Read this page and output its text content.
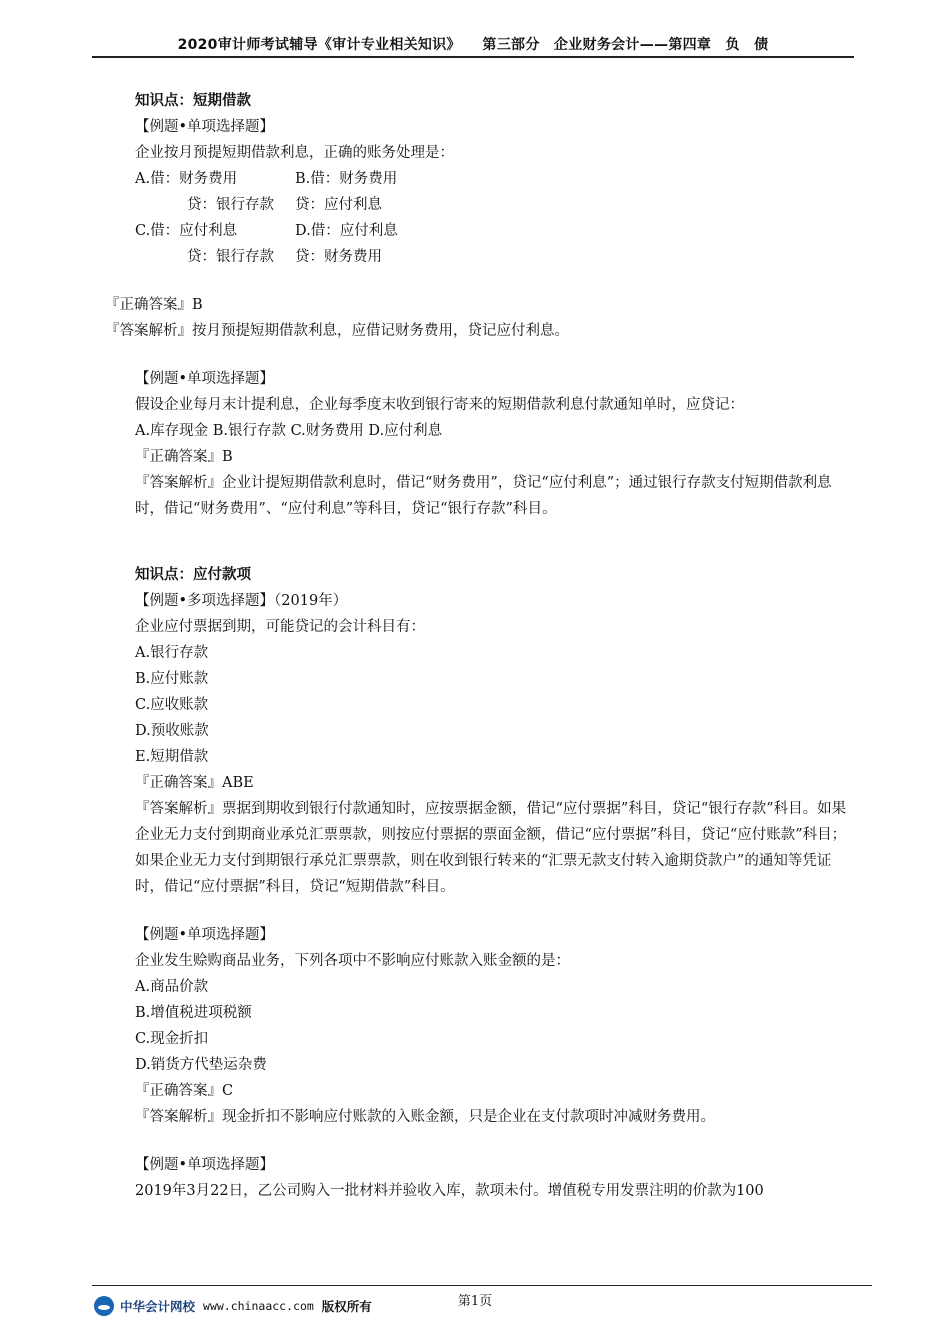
2020审计师考试辅导《审计专业相关知识》　　第三部分　企业财务会计——第四章　负　债
知识点：短期借款
【例题•单项选择题】
企业按月预提短期借款利息，正确的账务处理是：
A.借：财务费用	B.借：财务费用
贷：银行存款	贷：应付利息
C.借：应付利息	D.借：应付利息
贷：银行存款	贷：财务费用
『正确答案』B
『答案解析』按月预提短期借款利息，应借记财务费用，贷记应付利息。
【例题•单项选择题】
假设企业每月末计提利息，企业每季度末收到银行寄来的短期借款利息付款通知单时，应贷记：
A.库存现金 B.银行存款 C.财务费用 D.应付利息
『正确答案』B
『答案解析』企业计提短期借款利息时，借记“财务费用”，贷记“应付利息”；通过银行存款支付短期借款利息时，借记“财务费用”、“应付利息”等科目，贷记“银行存款”科目。
知识点：应付款项
【例题•多项选择题】（2019年）
企业应付票据到期，可能贷记的会计科目有：
A.银行存款
B.应付账款
C.应收账款
D.预收账款
E.短期借款
『正确答案』ABE
『答案解析』票据到期收到银行付款通知时，应按票据金额，借记“应付票据”科目，贷记“银行存款”科目。如果企业无力支付到期商业承兑汇票票款，则按应付票据的票面金额，借记“应付票据”科目，贷记“应付账款”科目；如果企业无力支付到期银行承兑汇票票款，则在收到银行转来的“汇票无款支付转入逾期贷款户”的通知等凭证时，借记“应付票据”科目，贷记“短期借款”科目。
【例题•单项选择题】
企业发生赊购商品业务，下列各项中不影响应付账款入账金额的是：
A.商品价款
B.增值税进项税额
C.现金折扣
D.销货方代垫运杂费
『正确答案』C
『答案解析』现金折扣不影响应付账款的入账金额，只是企业在支付款项时冲减财务费用。
【例题•单项选择题】
2019年3月22日，乙公司购入一批材料并验收入库，款项未付。增值税专用发票注明的价款为100
第1页
中华会计网校 www.chinaacc.com 版权所有
